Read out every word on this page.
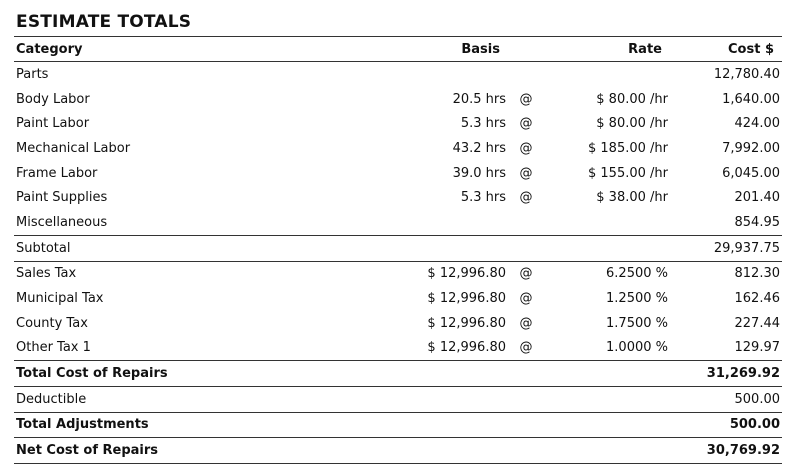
ESTIMATE TOTALS
Category	Basis		Rate	Cost $
Parts				12,780.40
Body Labor	20.5 hrs	@	$ 80.00 /hr	1,640.00
Paint Labor	5.3 hrs	@	$ 80.00 /hr	424.00
Mechanical Labor	43.2 hrs	@	$ 185.00 /hr	7,992.00
Frame Labor	39.0 hrs	@	$ 155.00 /hr	6,045.00
Paint Supplies	5.3 hrs	@	$ 38.00 /hr	201.40
Miscellaneous				854.95
Subtotal				29,937.75
Sales Tax	$ 12,996.80	@	6.2500 %	812.30
Municipal Tax	$ 12,996.80	@	1.2500 %	162.46
County Tax	$ 12,996.80	@	1.7500 %	227.44
Other Tax 1	$ 12,996.80	@	1.0000 %	129.97
Total Cost of Repairs				31,269.92
Deductible				500.00
Total Adjustments				500.00
Net Cost of Repairs				30,769.92
